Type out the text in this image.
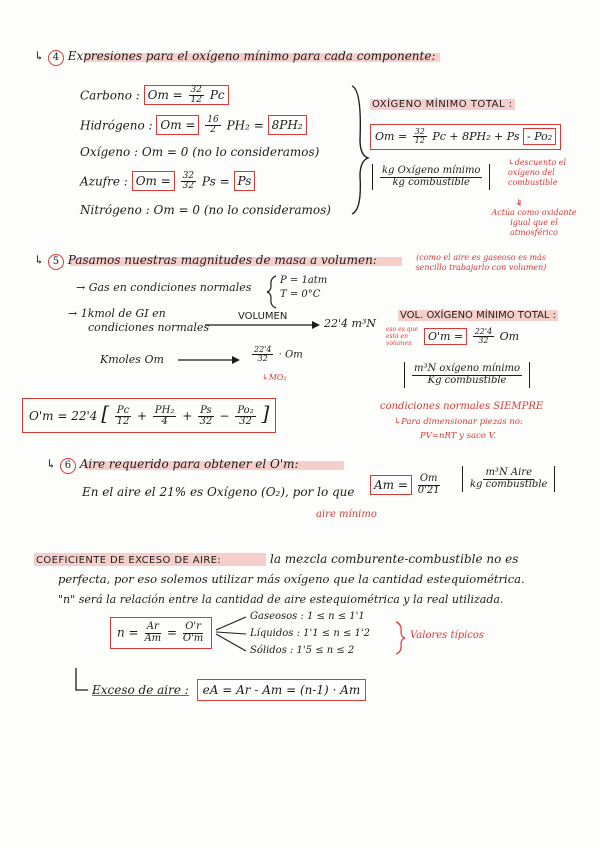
↳ 4 Expresiones para el oxígeno mínimo para cada componente:
Carbono : $Om = \frac{32}{12}$ Pc
Hidrógeno : $Om = \frac{16}{2} PH_2 = 8PH_2$
Oxígeno : Om = 0 (no lo consideramos)
Azufre : $Om = \frac{32}{32}$ Ps = Ps
Nitrógeno : Om = 0 (no lo consideramos)
OXÍGENO MÍNIMO TOTAL :
$Om = \frac{32}{12}$ Pc + 8PH₂ + Ps - Po₂
$\frac{\text{kg Oxígeno mínimo}}{\text{kg combustible}}$
↳descuento el oxígeno del combustible
↓
Actúa como oxidante igual que el atmosférico
↳ 5 Pasamos nuestras magnitudes de masa a volumen:	(como el aire es gaseoso es más sencillo trabajarlo con volumen)
→ Gas en condiciones normales
P = 1atm
T = 0°C
→ 1kmol de GI en
condiciones normales
VOLUMEN
22'4 m³N
Kmoles Om	$\frac{22'4}{32} \cdot Om$
↳MO₂
VOL. OXÍGENO MÍNIMO TOTAL :
eso es que está en volumen
$O'm = \frac{22'4}{32}$ Om
$\frac{\text{m³N oxígeno mínimo}}{\text{Kg combustible}}$
condiciones normales SIEMPRE
↳Para dimensionar piezas no:
PV=nRT y saco V.
O'm = 22'4 [ $\frac{Pc}{12} + \frac{\text{PH₂}}{4} + \frac{Ps}{32} - \frac{\text{Po₂}}{32}$ ]
↳ 6 Aire requerido para obtener el O'm:
En el aire el 21% es Oxígeno (O₂), por lo que
$Am = \frac{Om}{0'21}$	$\frac{\text{m³N Aire}}{\text{kg combustible}}$
aire mínimo
COEFICIENTE DE EXCESO DE AIRE:	la mezcla comburente-combustible no es
perfecta, por eso solemos utilizar más oxígeno que la cantidad estequiométrica.
"n" será la relación entre la cantidad de aire estequiométrica y la real utilizada.
$n = \frac{Ar}{Am} = \frac{O'r}{O'm}$
Gaseosos : 1 ≤ n ≤ 1'1
Líquidos : 1'1 ≤ n ≤ 1'2
Sólidos : 1'5 ≤ n ≤ 2
Valores típicos
Exceso de aire : eA = Ar - Am = (n-1) · Am
